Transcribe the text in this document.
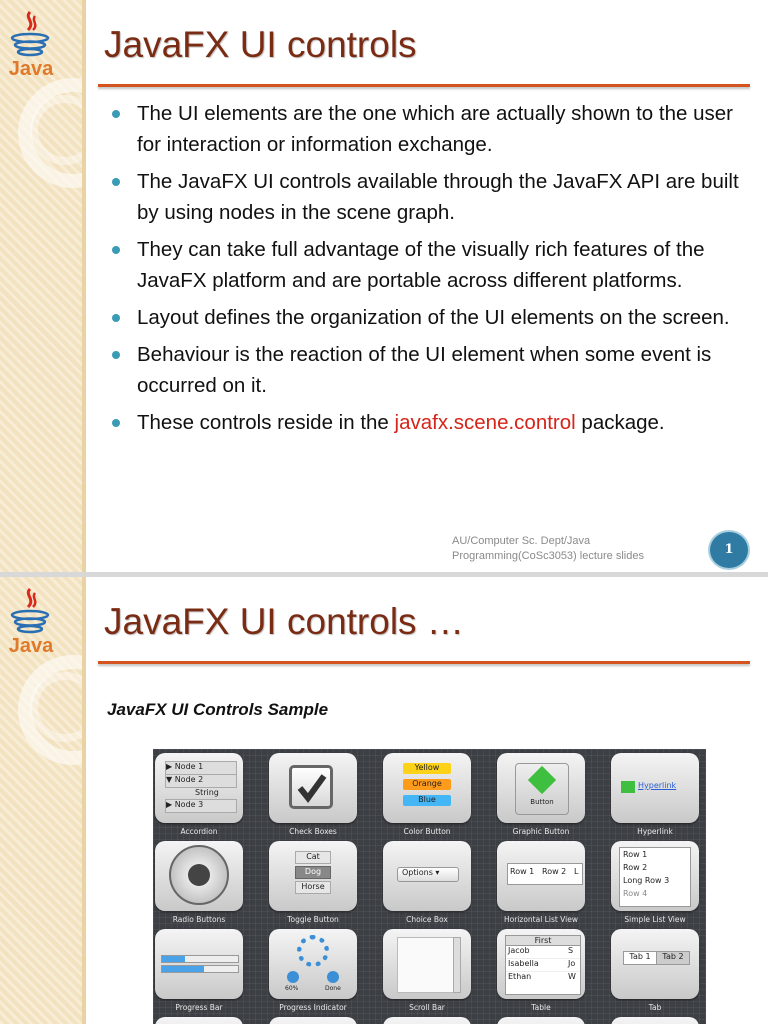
Java
JavaFX UI controls
The UI elements are the one which are actually shown to the user for interaction or information exchange.
The JavaFX UI controls available through the JavaFX API are built by using nodes in the scene graph.
They can take full advantage of the visually rich features of the JavaFX platform and are portable across different platforms.
Layout defines the organization of the UI elements on the screen.
Behaviour is the reaction of the UI element when some event is occurred on it.
These controls reside in the javafx.scene.control package.
AU/Computer Sc. Dept/Java
Programming(CoSc3053) lecture slides	1
Java
JavaFX UI controls …
JavaFX UI Controls Sample
▶ Node 1
▼ Node 2
String
▶ Node 3
Yellow
Orange
Blue	Button
Hyperlink
Accordion	Check Boxes	Color Button	Graphic Button	Hyperlink
Cat
Dog
Horse
Options ▾	Row 1 Row 2 L
Row 1
Row 2
Long Row 3
Row 4
Radio Buttons	Toggle Button	Choice Box	Horizontal List View	Simple List View
60%	Done
First
Jacob	S
Isabella	Jo
Ethan	W
Tab 1	Tab 2
Progress Bar	Progress Indicator	Scroll Bar	Table	Tab
